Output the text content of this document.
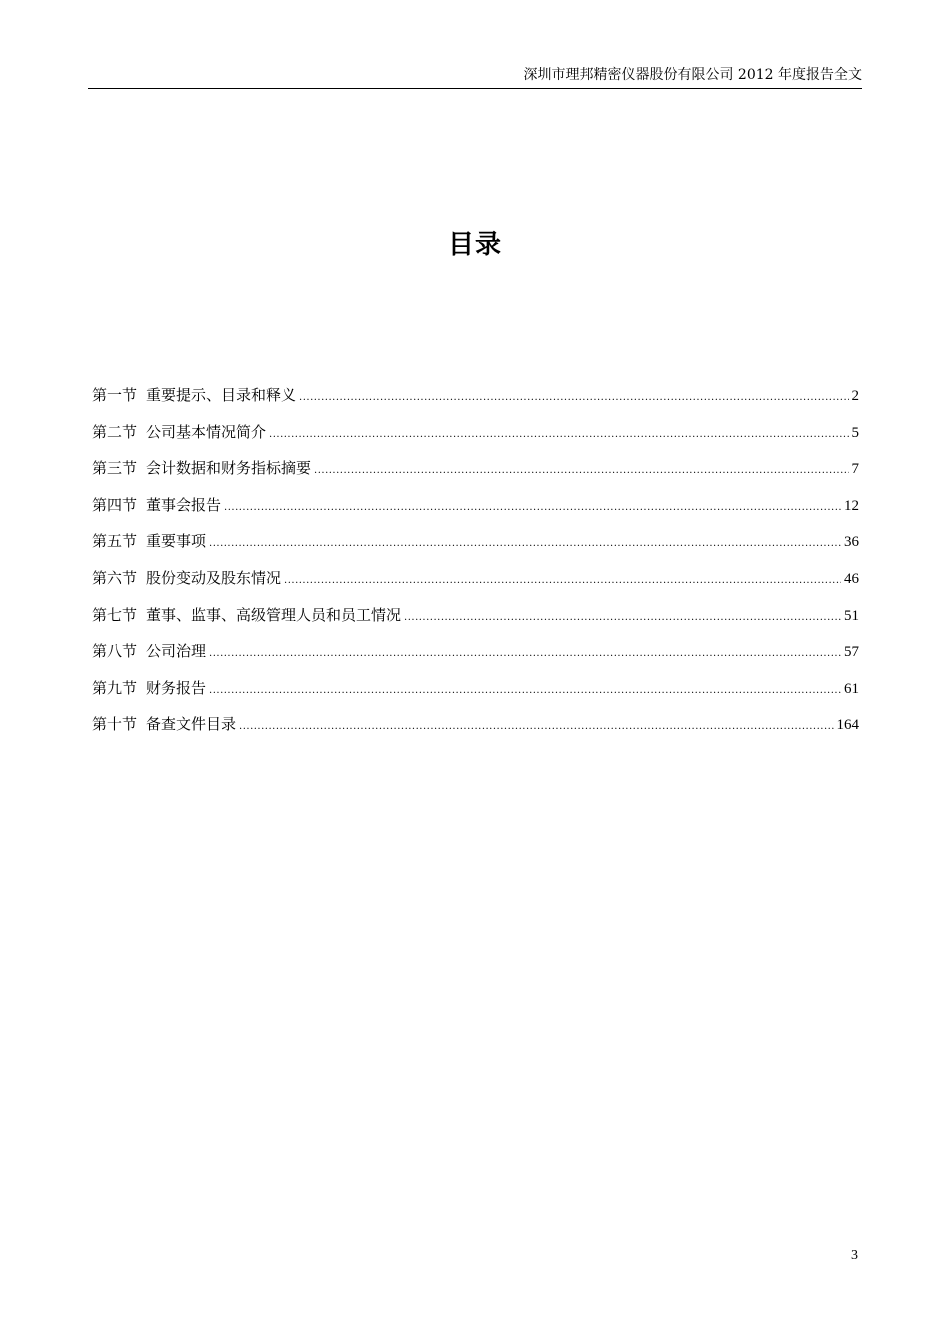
深圳市理邦精密仪器股份有限公司 2012 年度报告全文
目录
第一节 重要提示、目录和释义 .....	2
第二节 公司基本情况简介 .....	5
第三节 会计数据和财务指标摘要 .....	7
第四节 董事会报告 .....	12
第五节 重要事项 .....	36
第六节 股份变动及股东情况 .....	46
第七节 董事、监事、高级管理人员和员工情况 .....	51
第八节 公司治理 .....	57
第九节 财务报告 .....	61
第十节 备查文件目录 .....	164
3
